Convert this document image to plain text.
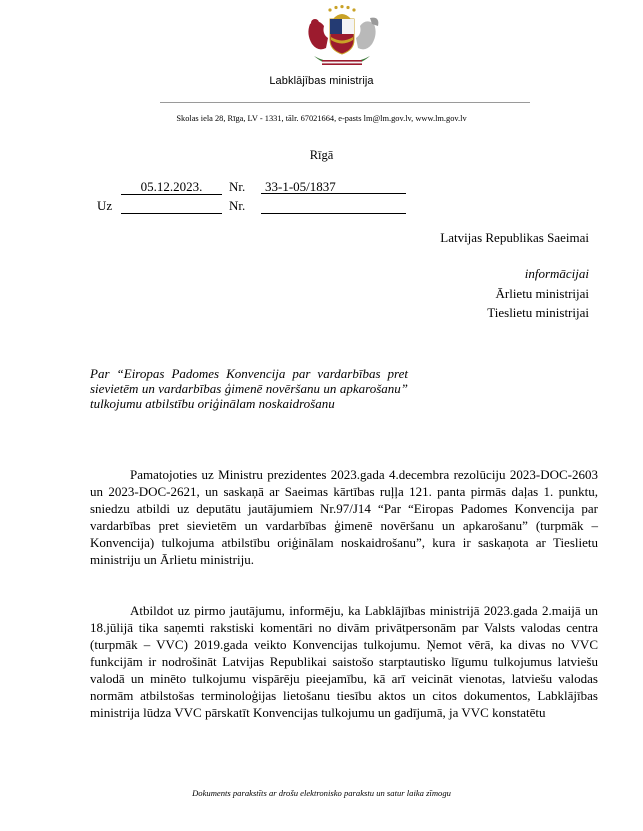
Labklājības ministrija
Skolas iela 28, Rīga, LV - 1331, tālr. 67021664, e-pasts lm@lm.gov.lv, www.lm.gov.lv
Rīgā
05.12.2023.	Nr.	33-1-05/1837
Uz	Nr.
Latvijas Republikas Saeimai
informācijai
Ārlietu ministrijai
Tieslietu ministrijai
Par “Eiropas Padomes Konvencija par vardarbības pret sievietēm un vardarbības ģimenē novēršanu un apkarošanu” tulkojumu atbilstību oriģinālam noskaidrošanu

Pamatojoties uz Ministru prezidentes 2023.gada 4.decembra rezolūciju 2023-DOC-2603 un 2023-DOC-2621, un saskaņā ar Saeimas kārtības ruļļa 121. panta pirmās daļas 1. punktu, sniedzu atbildi uz deputātu jautājumiem Nr.97/J14 “Par “Eiropas Padomes Konvencija par vardarbības pret sievietēm un vardarbības ģimenē novēršanu un apkarošanu” (turpmāk – Konvencija) tulkojuma atbilstību oriģinālam noskaidrošanu”, kura ir saskaņota ar Tieslietu ministriju un Ārlietu ministriju.

Atbildot uz pirmo jautājumu, informēju, ka Labklājības ministrijā 2023.gada 2.maijā un 18.jūlijā tika saņemti rakstiski komentāri no divām privātpersonām par Valsts valodas centra (turpmāk – VVC) 2019.gada veikto Konvencijas tulkojumu. Ņemot vērā, ka divas no VVC funkcijām ir nodrošināt Latvijas Republikai saistošo starptautisko līgumu tulkojumus latviešu valodā un minēto tulkojumu vispārēju pieejamību, kā arī veicināt vienotas, latviešu valodas normām atbilstošas terminoloģijas lietošanu tiesību aktos un citos dokumentos, Labklājības ministrija lūdza VVC pārskatīt Konvencijas tulkojumu un gadījumā, ja VVC konstatētu

Dokuments parakstīts ar drošu elektronisko parakstu un satur laika zīmogu
